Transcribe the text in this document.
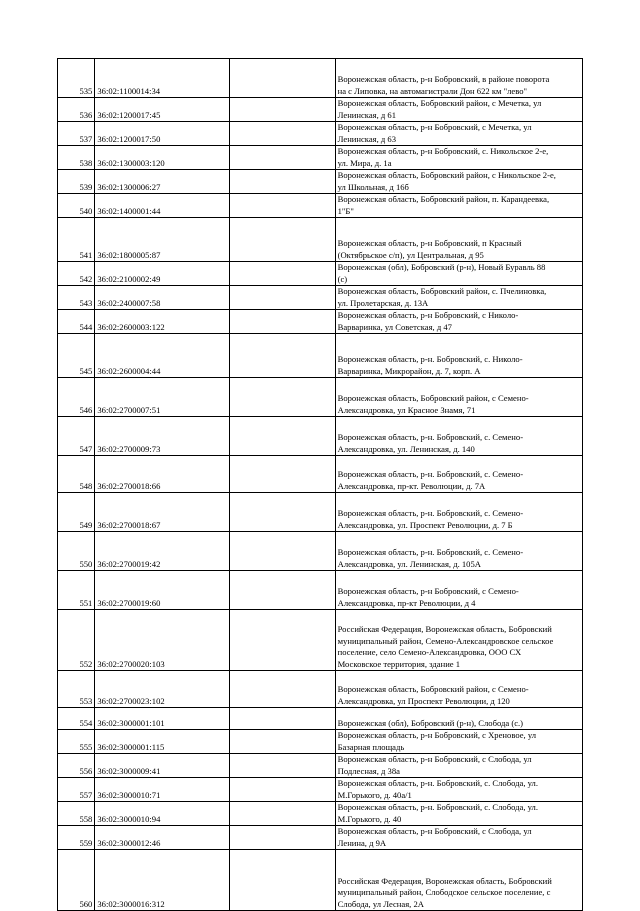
535	36:02:1100014:34		Воронежская область, р-н Бобровский, в районе поворота
на с Липовка, на автомагистрали Дон 622 км "лево"

536	36:02:1200017:45		Воронежская область, Бобровский район, с Мечетка, ул
Ленинская, д 61

537	36:02:1200017:50		Воронежская область, р-н Бобровский, с Мечетка, ул
Ленинская, д 63

538	36:02:1300003:120		Воронежская область, р-н Бобровский, с. Никольское 2-е,
ул. Мира, д. 1а

539	36:02:1300006:27		Воронежская область, Бобровский район, с Никольское 2-е,
ул Школьная, д 16б

540	36:02:1400001:44		Воронежская область, Бобровский район, п. Карандеевка,
1"Б"

541	36:02:1800005:87		Воронежская область, р-н Бобровский, п Красный
(Октябрьское с/п), ул Центральная, д 95

542	36:02:2100002:49		Воронежская (обл), Бобровский (р-н), Новый Буравль 88
(с)

543	36:02:2400007:58		Воронежская область, Бобровский район, с. Пчелиновка,
ул. Пролетарская, д. 13А

544	36:02:2600003:122		Воронежская область, р-н Бобровский, с Николо-
Варваринка, ул Советская, д 47

545	36:02:2600004:44		Воронежская область, р-н. Бобровский, с. Николо-
Варваринка, Микрорайон, д. 7, корп. А

546	36:02:2700007:51		Воронежская область, Бобровский район, с Семено-
Александровка, ул Красное Знамя, 71

547	36:02:2700009:73		Воронежская область, р-н. Бобровский, с. Семено-
Александровка, ул. Ленинская, д. 140

548	36:02:2700018:66		Воронежская область, р-н. Бобровский, с. Семено-
Александровка, пр-кт. Революции, д. 7А

549	36:02:2700018:67		Воронежская область, р-н. Бобровский, с. Семено-
Александровка, ул. Проспект Революции, д. 7 Б

550	36:02:2700019:42		Воронежская область, р-н. Бобровский, с. Семено-
Александровка, ул. Ленинская, д. 105А

551	36:02:2700019:60		Воронежская область, р-н Бобровский, с Семено-
Александровка, пр-кт Революции, д 4

552	36:02:2700020:103		Российская Федерация, Воронежская область, Бобровский
муниципальный район, Семено-Александровское сельское
поселение, село Семено-Александровка, ООО СХ
Московское территория, здание 1

553	36:02:2700023:102		Воронежская область, Бобровский район, с Семено-
Александровка, ул Проспект Революции, д 120

554	36:02:3000001:101		Воронежская (обл), Бобровский (р-н), Слобода (с.)

555	36:02:3000001:115		Воронежская область, р-н Бобровский, с Хреновое, ул
Базарная площадь

556	36:02:3000009:41		Воронежская область, р-н Бобровский, с Слобода, ул
Подлесная, д 38а

557	36:02:3000010:71		Воронежская область, р-н. Бобровский, с. Слобода, ул.
М.Горького, д. 40а/1

558	36:02:3000010:94		Воронежская область, р-н. Бобровский, с. Слобода, ул.
М.Горького, д. 40

559	36:02:3000012:46		Воронежская область, р-н Бобровский, с Слобода, ул
Ленина, д 9А

560	36:02:3000016:312		Российская Федерация, Воронежская область, Бобровский
муниципальный район, Слободское сельское поселение, с
Слобода, ул Лесная, 2А
